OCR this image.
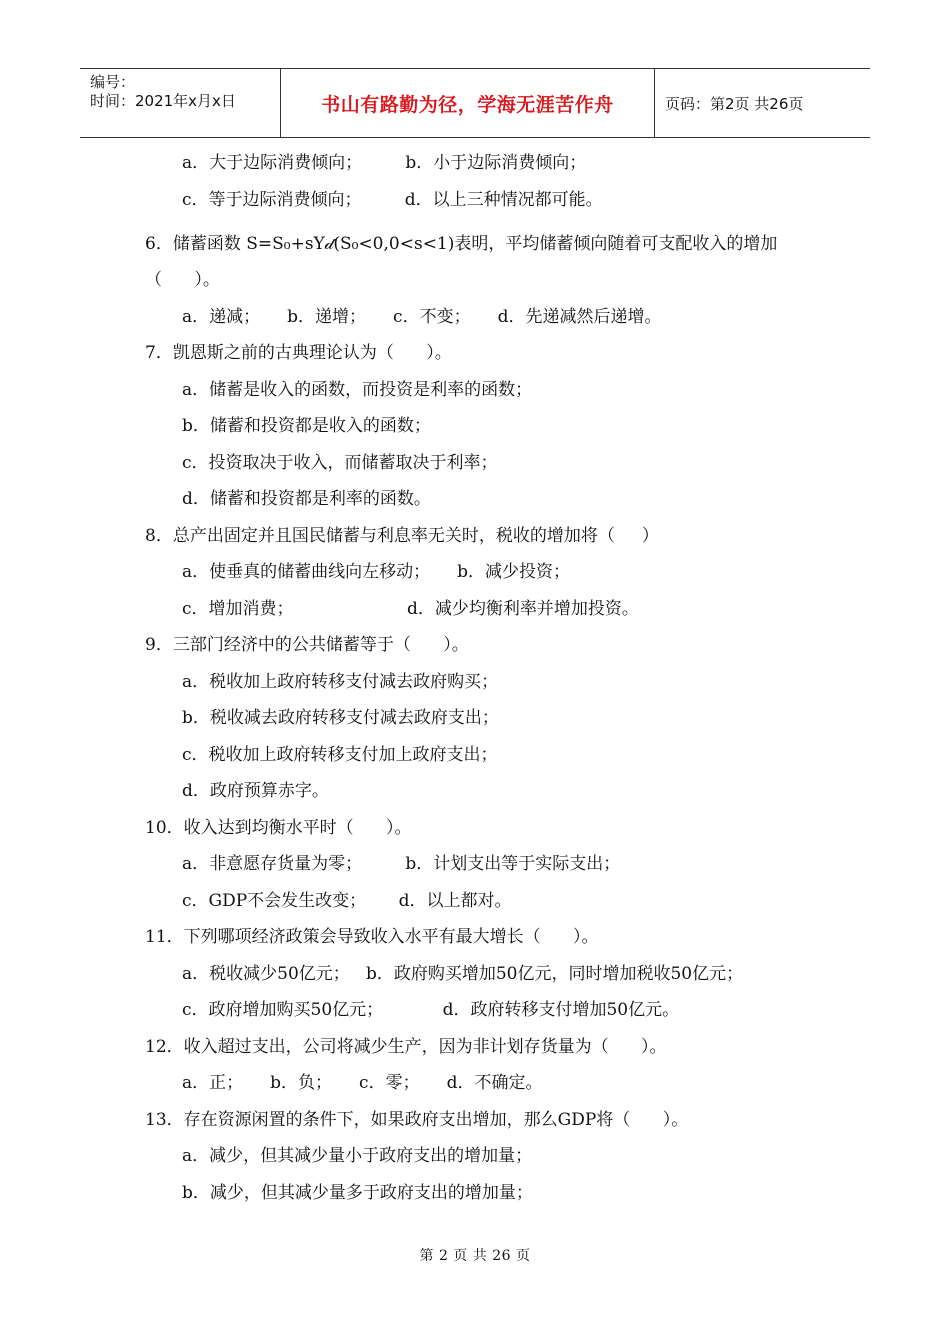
编号：
时间：2021年x月x日	书山有路勤为径，学海无涯苦作舟	页码：第2页 共26页
a．大于边际消费倾向；        b．小于边际消费倾向；
c．等于边际消费倾向；        d．以上三种情况都可能。
6．储蓄函数 S=S₀+sY𝒹(S₀<0,0<s<1)表明，平均储蓄倾向随着可支配收入的增加
（      ）。
a．递减；     b．递增；     c．不变；     d．先递减然后递增。
7．凯恩斯之前的古典理论认为（      ）。
a．储蓄是收入的函数，而投资是利率的函数；
b．储蓄和投资都是收入的函数；
c．投资取决于收入，而储蓄取决于利率；
d．储蓄和投资都是利率的函数。
8．总产出固定并且国民储蓄与利息率无关时，税收的增加将（     ）
a．使垂真的储蓄曲线向左移动；     b．减少投资；
c．增加消费；                     d．减少均衡利率并增加投资。
9．三部门经济中的公共储蓄等于（      ）。
a．税收加上政府转移支付减去政府购买；
b．税收减去政府转移支付减去政府支出；
c．税收加上政府转移支付加上政府支出；
d．政府预算赤字。
10．收入达到均衡水平时（      ）。
a．非意愿存货量为零；        b．计划支出等于实际支出；
c．GDP不会发生改变；      d．以上都对。
11．下列哪项经济政策会导致收入水平有最大增长（      ）。
a．税收减少50亿元；   b．政府购买增加50亿元，同时增加税收50亿元；
c．政府增加购买50亿元；           d．政府转移支付增加50亿元。
12．收入超过支出，公司将减少生产，因为非计划存货量为（      ）。
a．正；     b．负；     c．零；     d．不确定。
13．存在资源闲置的条件下，如果政府支出增加，那么GDP将（      ）。
a．减少，但其减少量小于政府支出的增加量；
b．减少，但其减少量多于政府支出的增加量；
第 2 页 共 26 页
